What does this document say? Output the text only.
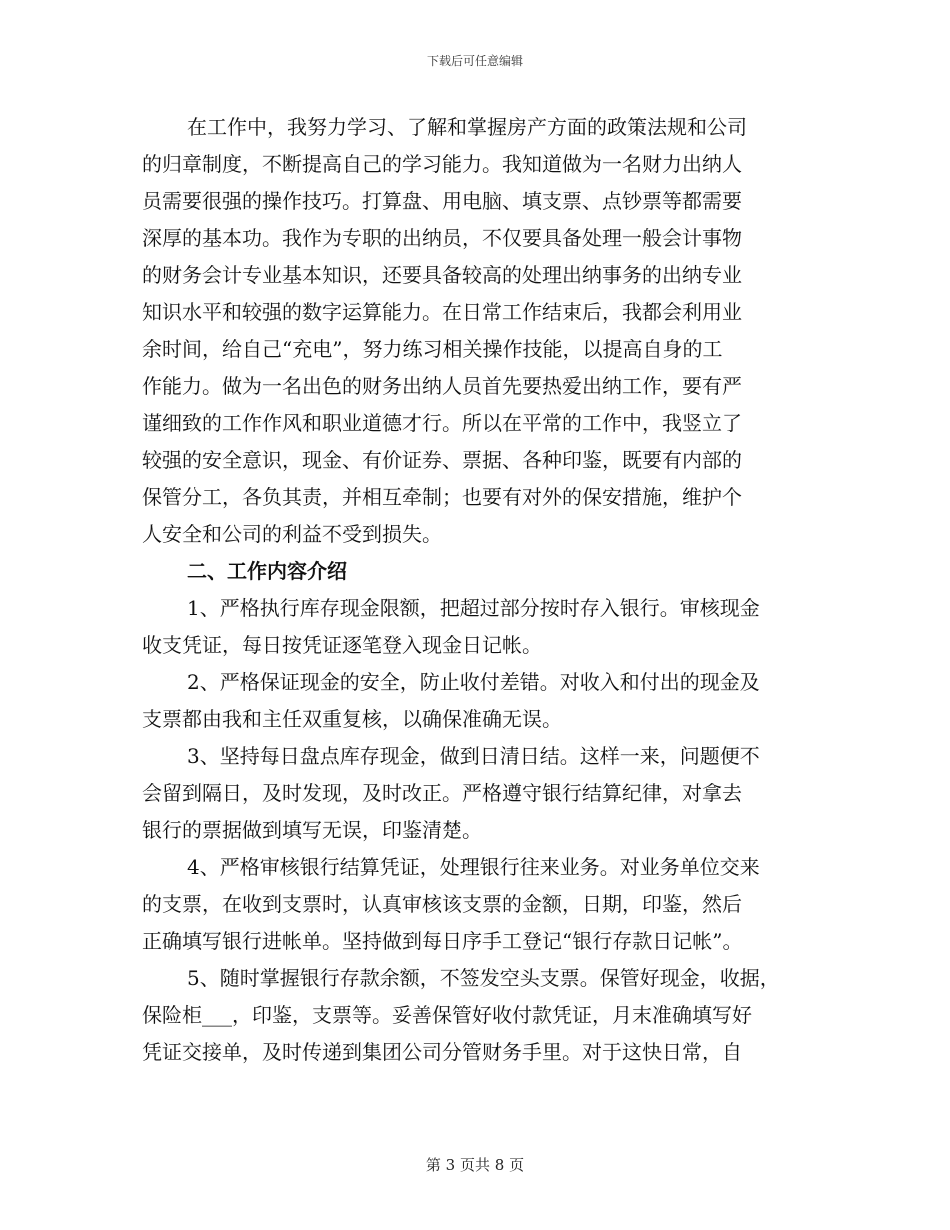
下载后可任意编辑
在工作中，我努力学习、了解和掌握房产方面的政策法规和公司
的归章制度，不断提高自己的学习能力。我知道做为一名财力出纳人
员需要很强的操作技巧。打算盘、用电脑、填支票、点钞票等都需要
深厚的基本功。我作为专职的出纳员，不仅要具备处理一般会计事物
的财务会计专业基本知识，还要具备较高的处理出纳事务的出纳专业
知识水平和较强的数字运算能力。在日常工作结束后，我都会利用业
余时间，给自己“充电”，努力练习相关操作技能，以提高自身的工
作能力。做为一名出色的财务出纳人员首先要热爱出纳工作，要有严
谨细致的工作作风和职业道德才行。所以在平常的工作中，我竖立了
较强的安全意识，现金、有价证券、票据、各种印鉴，既要有内部的
保管分工，各负其责，并相互牵制；也要有对外的保安措施，维护个
人安全和公司的利益不受到损失。
二、工作内容介绍
1、严格执行库存现金限额，把超过部分按时存入银行。审核现金
收支凭证，每日按凭证逐笔登入现金日记帐。
2、严格保证现金的安全，防止收付差错。对收入和付出的现金及
支票都由我和主任双重复核，以确保准确无误。
3、坚持每日盘点库存现金，做到日清日结。这样一来，问题便不
会留到隔日，及时发现，及时改正。严格遵守银行结算纪律，对拿去
银行的票据做到填写无误，印鉴清楚。
4、严格审核银行结算凭证，处理银行往来业务。对业务单位交来
的支票，在收到支票时，认真审核该支票的金额，日期，印鉴，然后
正确填写银行进帐单。坚持做到每日序手工登记“银行存款日记帐”。
5、随时掌握银行存款余额，不签发空头支票。保管好现金，收据，
保险柜___，印鉴，支票等。妥善保管好收付款凭证，月末准确填写好
凭证交接单，及时传递到集团公司分管财务手里。对于这快日常，自
第 3 页共 8 页
